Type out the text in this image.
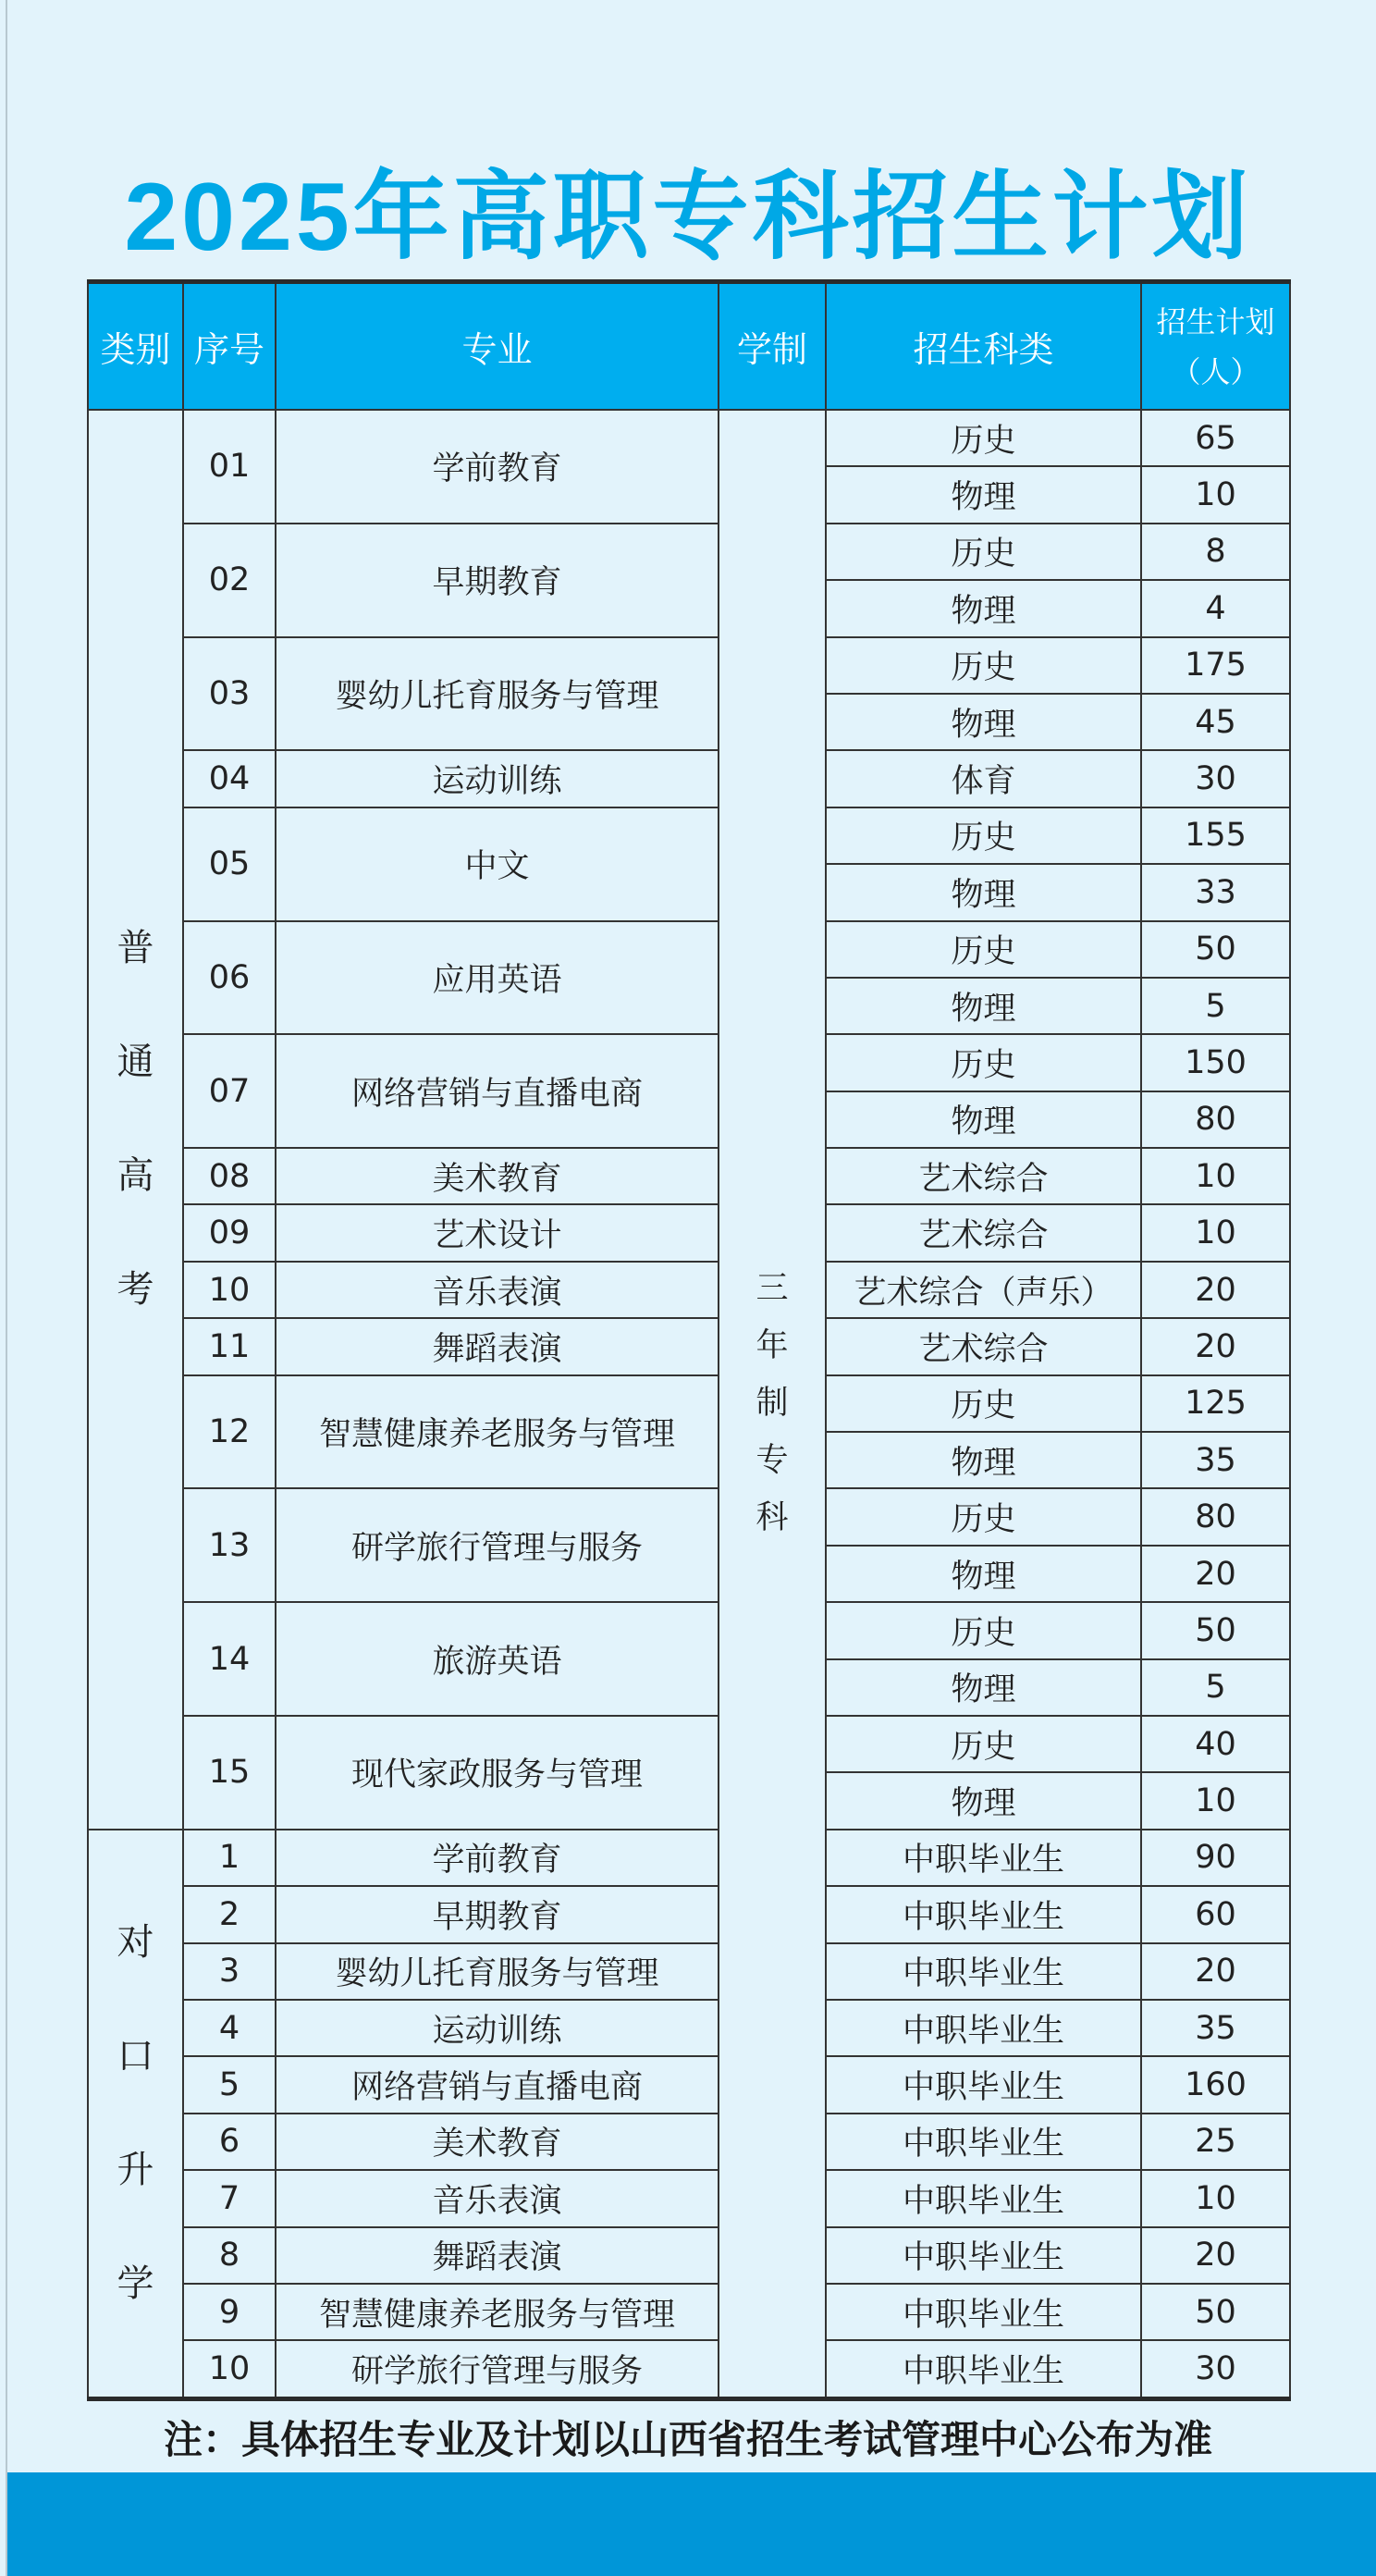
2025年高职专科招生计划
类别	序号	专业	学制	招生科类	招生计划
（人）

普通高考	01	学前教育	三年制专科	历史	65
				物理	10
	02	早期教育		历史	8
				物理	4
	03	婴幼儿托育服务与管理		历史	175
				物理	45
	04	运动训练		体育	30
	05	中文		历史	155
				物理	33
	06	应用英语		历史	50
				物理	5
	07	网络营销与直播电商		历史	150
				物理	80
	08	美术教育		艺术综合	10
	09	艺术设计		艺术综合	10
	10	音乐表演		艺术综合（声乐）	20
	11	舞蹈表演		艺术综合	20
	12	智慧健康养老服务与管理		历史	125
				物理	35
	13	研学旅行管理与服务		历史	80
				物理	20
	14	旅游英语		历史	50
				物理	5
	15	现代家政服务与管理		历史	40
				物理	10
对口升学	1	学前教育		中职毕业生	90
	2	早期教育		中职毕业生	60
	3	婴幼儿托育服务与管理		中职毕业生	20
	4	运动训练		中职毕业生	35
	5	网络营销与直播电商		中职毕业生	160
	6	美术教育		中职毕业生	25
	7	音乐表演		中职毕业生	10
	8	舞蹈表演		中职毕业生	20
	9	智慧健康养老服务与管理		中职毕业生	50
	10	研学旅行管理与服务		中职毕业生	30
注：具体招生专业及计划以山西省招生考试管理中心公布为准
